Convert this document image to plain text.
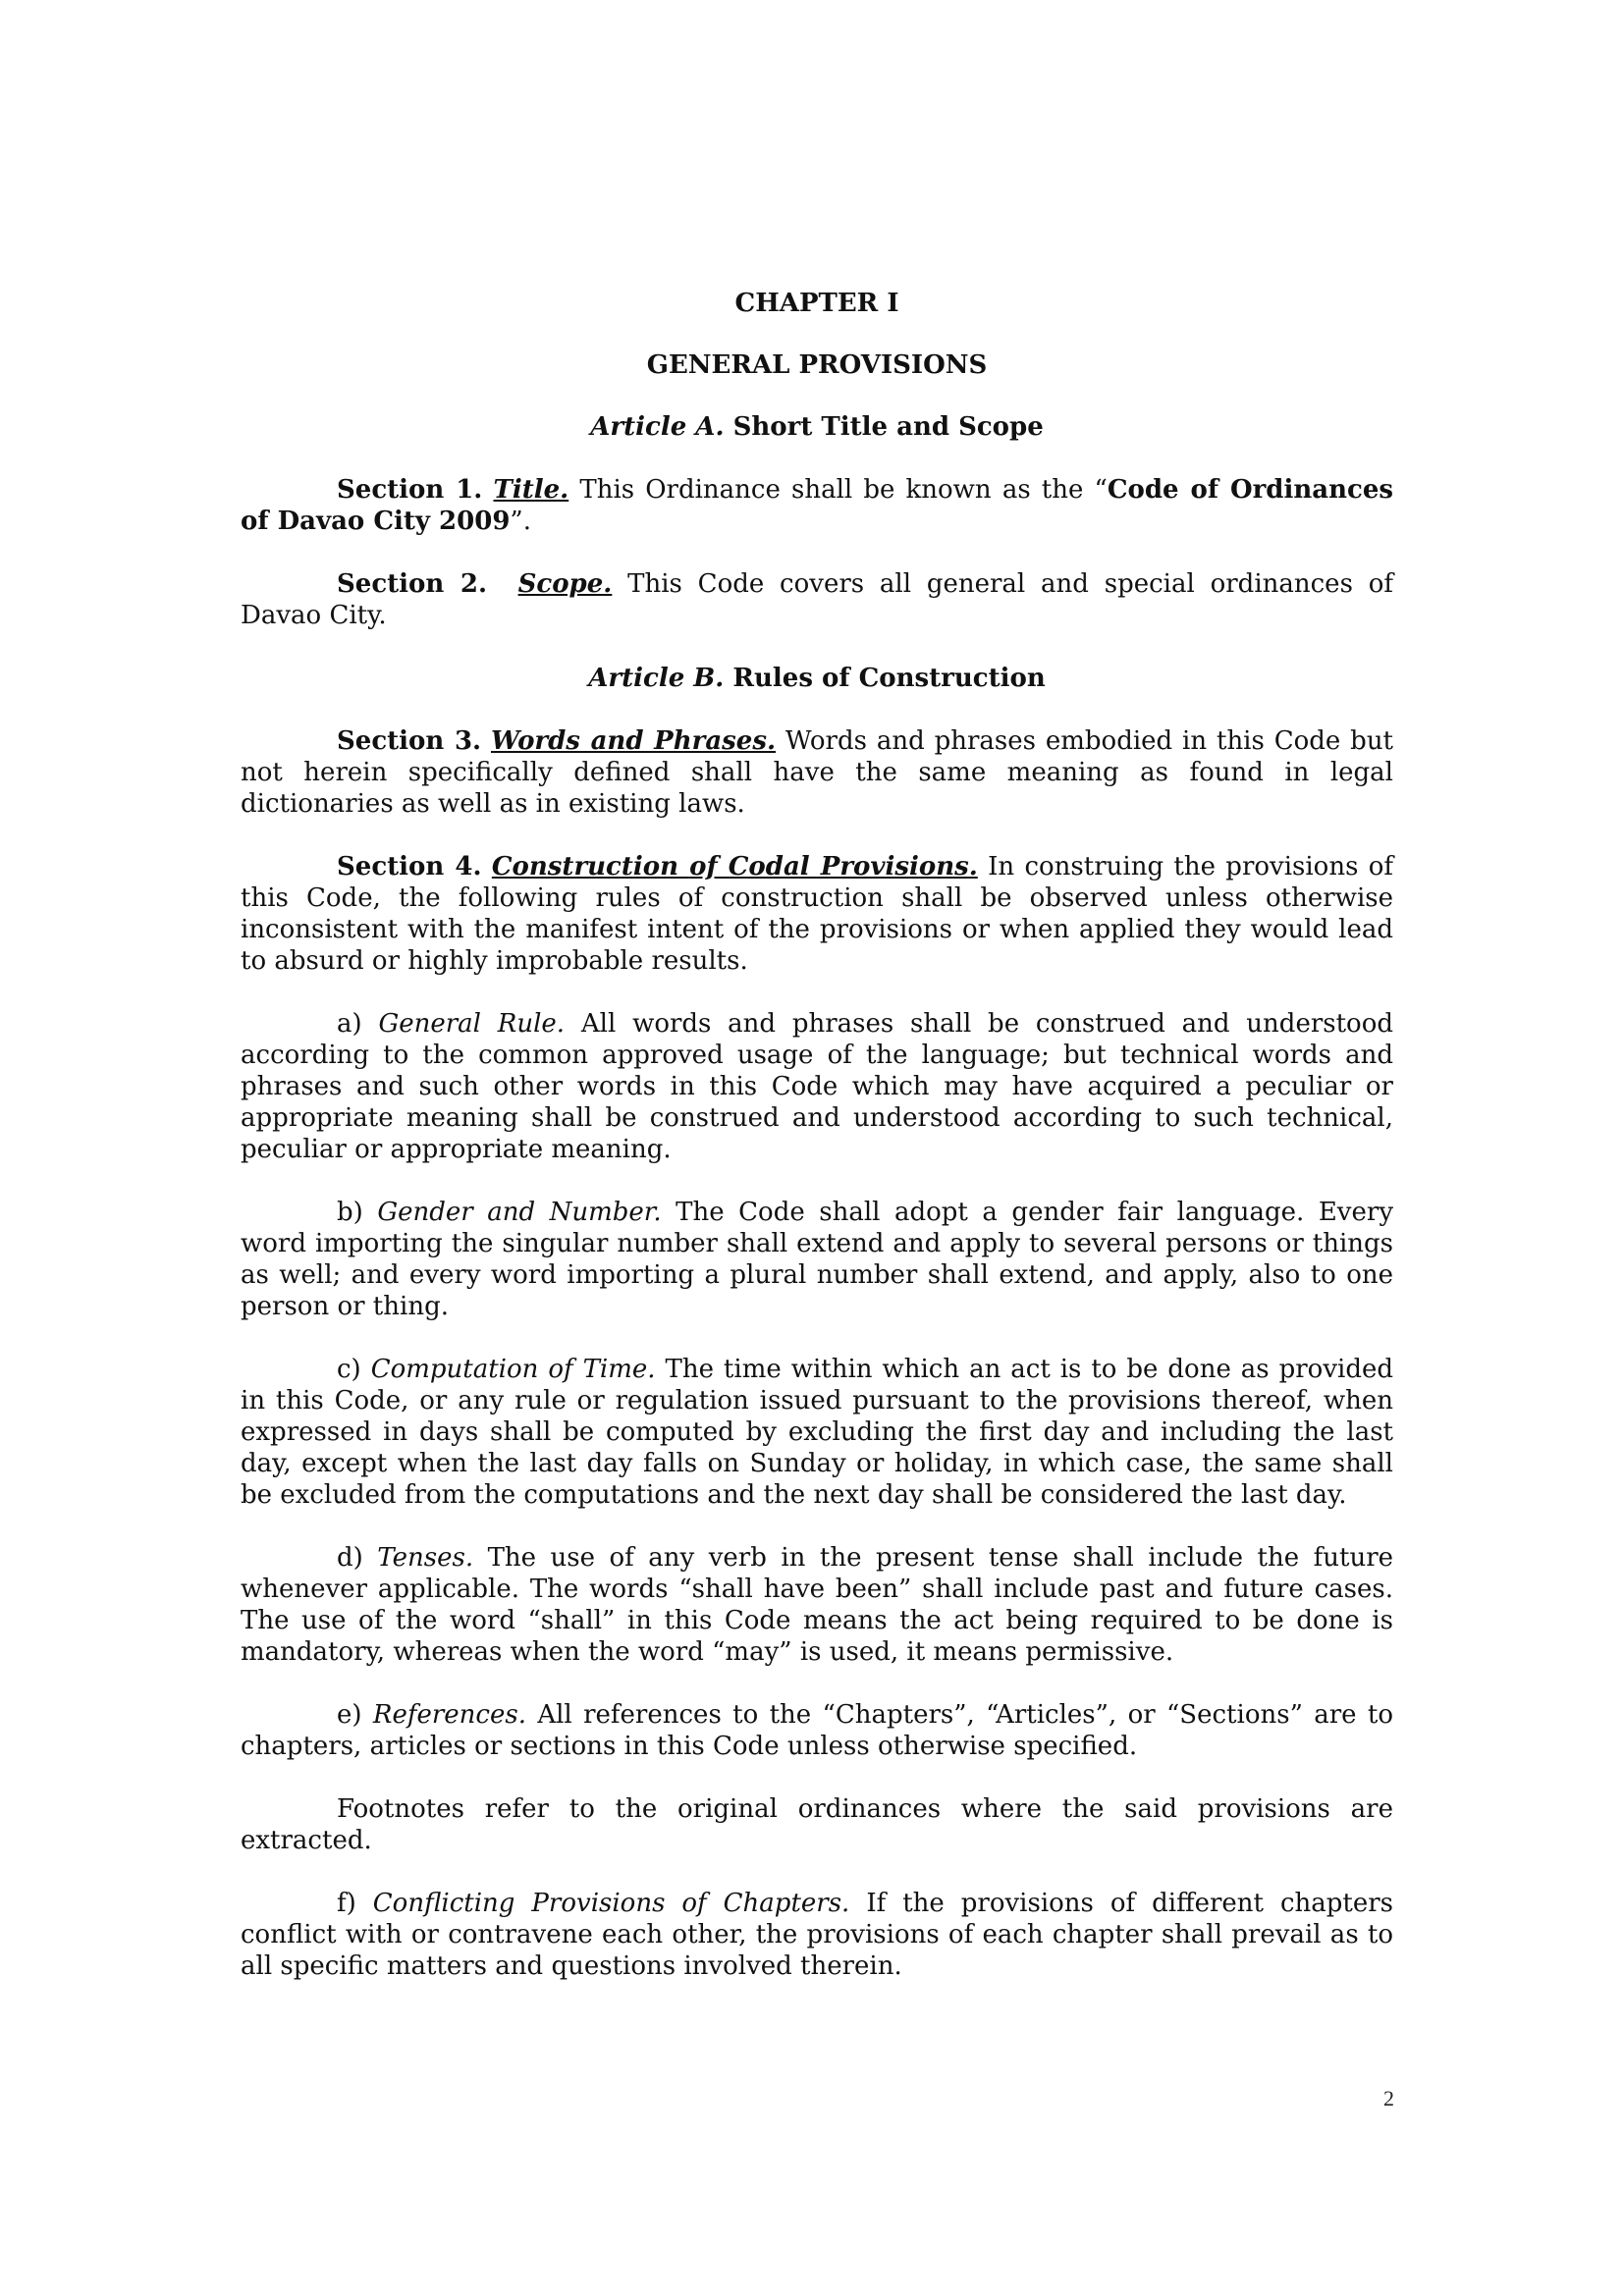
CHAPTER I

GENERAL PROVISIONS

Article A. Short Title and Scope

Section 1. Title. This Ordinance shall be known as the “Code of Ordinances of Davao City 2009”.

Section 2. Scope. This Code covers all general and special ordinances of Davao City.

Article B. Rules of Construction

Section 3. Words and Phrases. Words and phrases embodied in this Code but not herein specifically defined shall have the same meaning as found in legal dictionaries as well as in existing laws.

Section 4. Construction of Codal Provisions. In construing the provisions of this Code, the following rules of construction shall be observed unless otherwise inconsistent with the manifest intent of the provisions or when applied they would lead to absurd or highly improbable results.

a) General Rule. All words and phrases shall be construed and understood according to the common approved usage of the language; but technical words and phrases and such other words in this Code which may have acquired a peculiar or appropriate meaning shall be construed and understood according to such technical, peculiar or appropriate meaning.

b) Gender and Number. The Code shall adopt a gender fair language. Every word importing the singular number shall extend and apply to several persons or things as well; and every word importing a plural number shall extend, and apply, also to one person or thing.

c) Computation of Time. The time within which an act is to be done as provided in this Code, or any rule or regulation issued pursuant to the provisions thereof, when expressed in days shall be computed by excluding the first day and including the last day, except when the last day falls on Sunday or holiday, in which case, the same shall be excluded from the computations and the next day shall be considered the last day.

d) Tenses. The use of any verb in the present tense shall include the future whenever applicable. The words “shall have been” shall include past and future cases. The use of the word “shall” in this Code means the act being required to be done is mandatory, whereas when the word “may” is used, it means permissive.

e) References. All references to the “Chapters”, “Articles”, or “Sections” are to chapters, articles or sections in this Code unless otherwise specified.

Footnotes refer to the original ordinances where the said provisions are extracted.

f) Conflicting Provisions of Chapters. If the provisions of different chapters conflict with or contravene each other, the provisions of each chapter shall prevail as to all specific matters and questions involved therein.

2
